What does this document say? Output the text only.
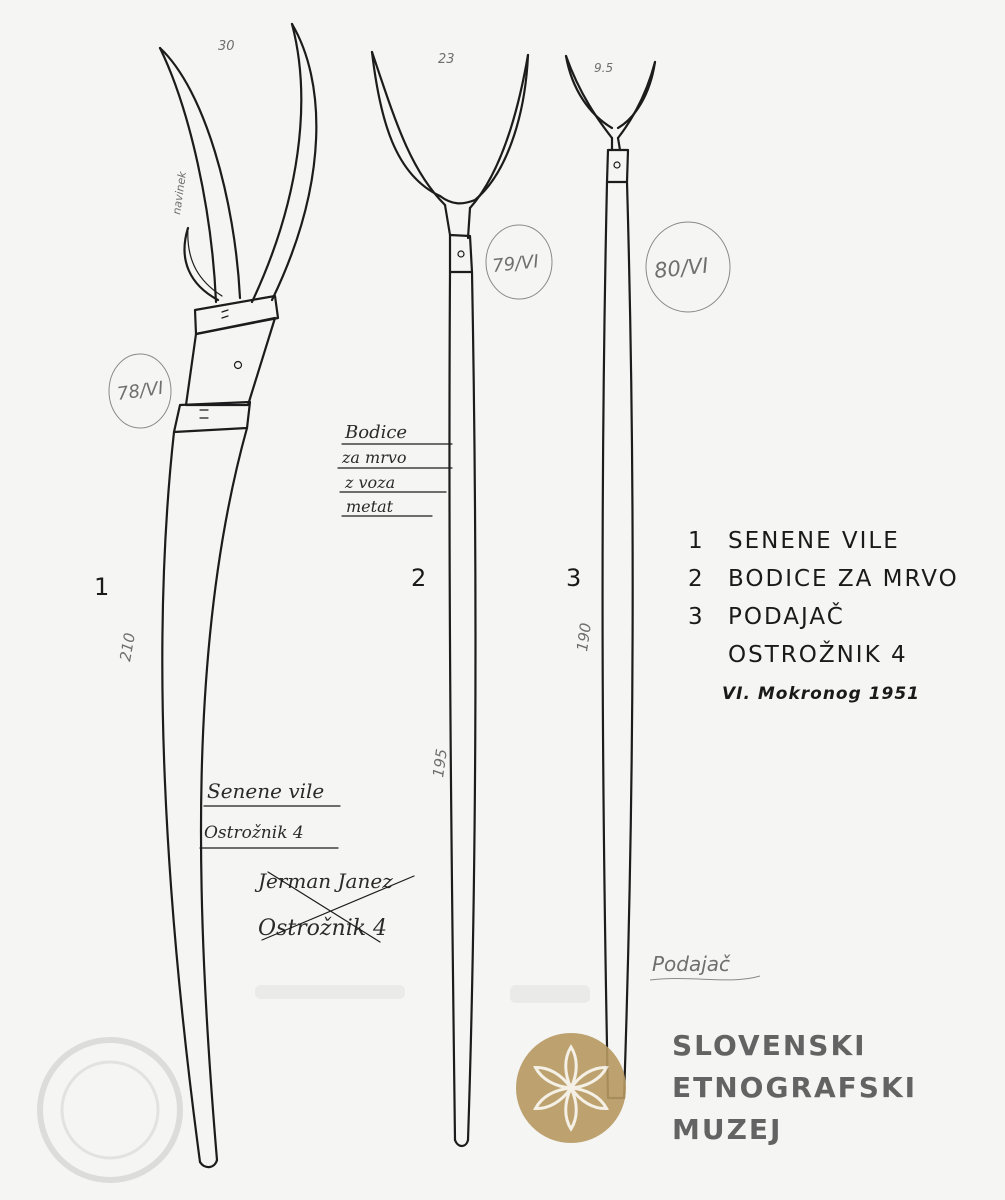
1	2	3
30
23
9.5
210
195
190
navinek
78/VI
79/VI	80/VI
Bodice
za mrvo
z voza
metat
Senene vile
Ostrožnik 4
Jerman Janez
Ostrožnik 4
Podajač
1	SENENE VILE
2	BODICE ZA MRVO
3	PODAJAČ
OSTROŽNIK 4
VI. Mokronog 1951
SLOVENSKI
ETNOGRAFSKI
MUZEJ
